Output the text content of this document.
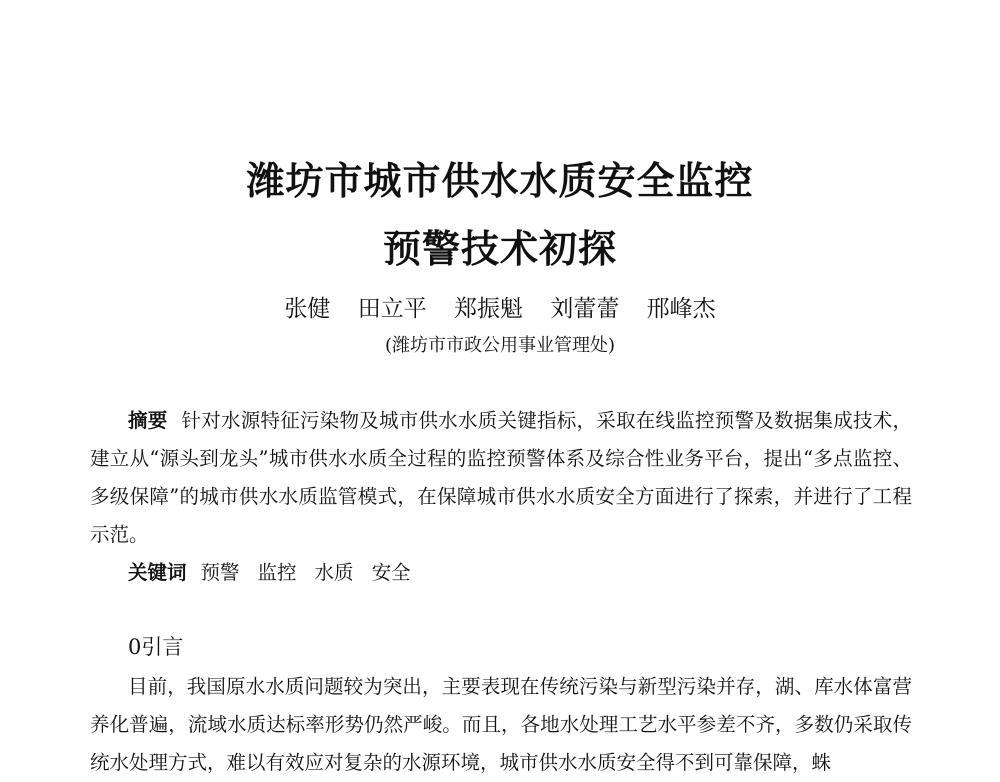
潍坊市城市供水水质安全监控
预警技术初探
张健 田立平 郑振魁 刘蕾蕾 邢峰杰
(潍坊市市政公用事业管理处)

摘要 针对水源特征污染物及城市供水水质关键指标，采取在线监控预警及数据集成技术，建立从“源头到龙头”城市供水水质全过程的监控预警体系及综合性业务平台，提出“多点监控、多级保障”的城市供水水质监管模式，在保障城市供水水质安全方面进行了探索，并进行了工程示范。

关键词 预警 监控 水质 安全

0引言

目前，我国原水水质问题较为突出，主要表现在传统污染与新型污染并存，湖、库水体富营养化普遍，流域水质达标率形势仍然严峻。而且，各地水处理工艺水平参差不齐，多数仍采取传统水处理方式，难以有效应对复杂的水源环境，城市供水水质安全得不到可靠保障，蛛
